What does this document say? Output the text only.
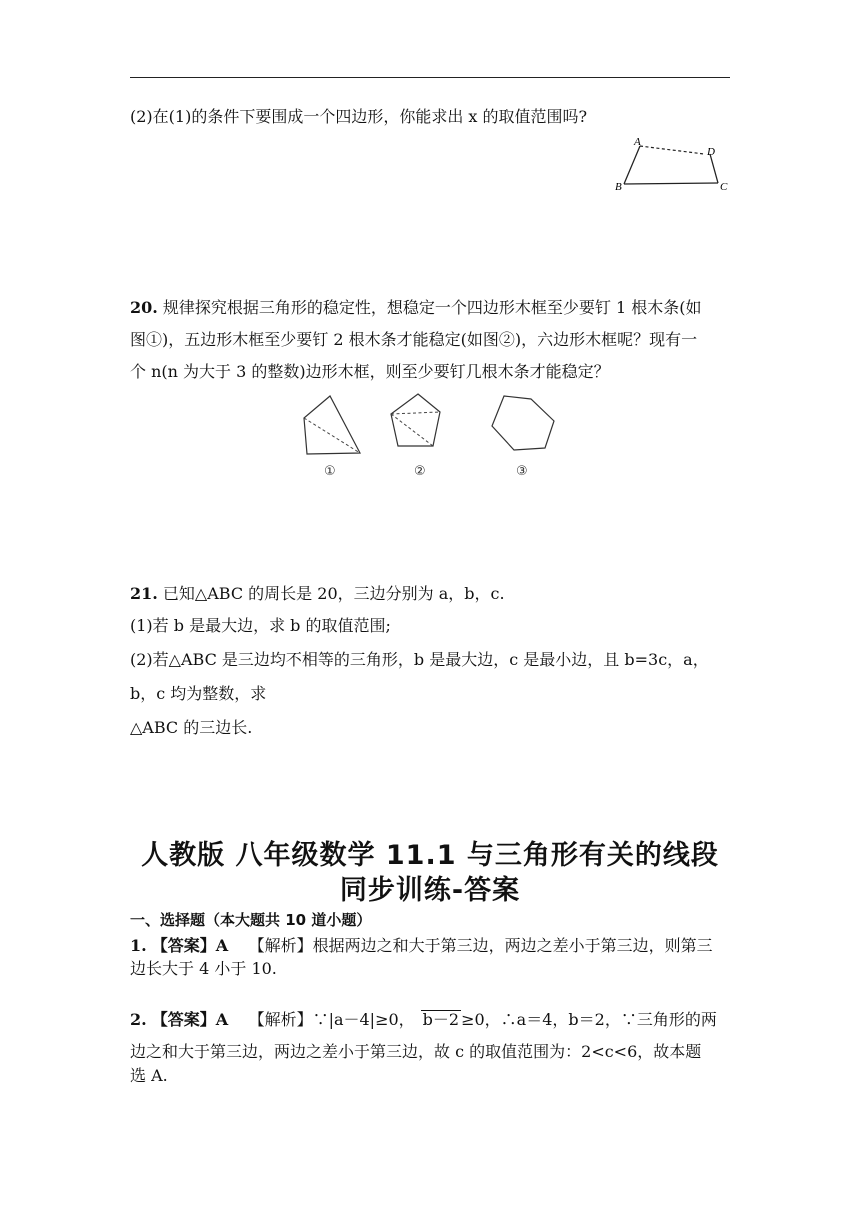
(2)在(1)的条件下要围成一个四边形，你能求出 x 的取值范围吗?
A
D
B	C
20. 规律探究根据三角形的稳定性，想稳定一个四边形木框至少要钉 1 根木条(如
图①)，五边形木框至少要钉 2 根木条才能稳定(如图②)，六边形木框呢？现有一
个 n(n 为大于 3 的整数)边形木框，则至少要钉几根木条才能稳定？
①	②	③
21. 已知△ABC 的周长是 20，三边分别为 a，b，c.
(1)若 b 是最大边，求 b 的取值范围;
(2)若△ABC 是三边均不相等的三角形，b 是最大边，c 是最小边，且 b=3c，a，
b，c 均为整数，求
△ABC 的三边长.
人教版 八年级数学 11.1 与三角形有关的线段
同步训练-答案
一、选择题（本大题共 10 道小题）
1. 【答案】A 【解析】根据两边之和大于第三边，两边之差小于第三边，则第三
边长大于 4 小于 10.
2. 【答案】A 【解析】∵|a－4|≥0， b－2 ≥0，∴a＝4，b＝2，∵三角形的两
边之和大于第三边，两边之差小于第三边，故 c 的取值范围为：2<c<6，故本题
选 A.
